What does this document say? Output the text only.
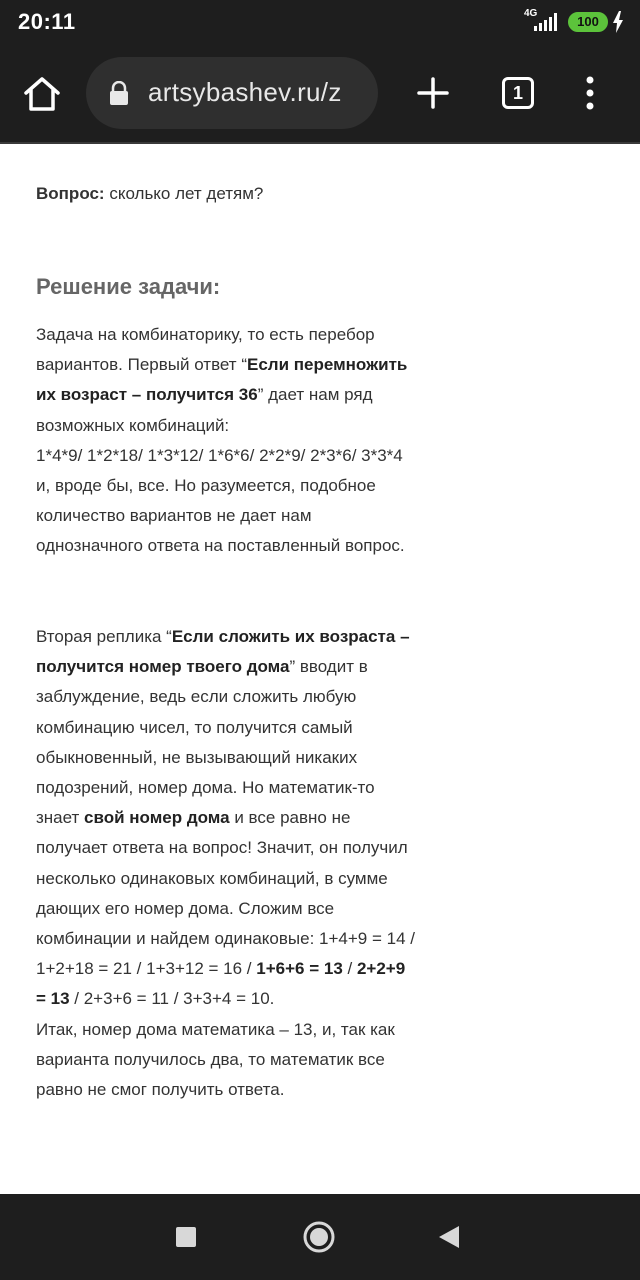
20:11	4G
100
artsybashev.ru/z	1

Вопрос: сколько лет детям?

Решение задачи:

Задача на комбинаторику, то есть перебор вариантов. Первый ответ “Если перемножить их возраст – получится 36” дает нам ряд возможных комбинаций:
1*4*9/ 1*2*18/ 1*3*12/ 1*6*6/ 2*2*9/ 2*3*6/ 3*3*4 и, вроде бы, все. Но разумеется, подобное количество вариантов не дает нам однозначного ответа на поставленный вопрос.

Вторая реплика “Если сложить их возраста – получится номер твоего дома” вводит в заблуждение, ведь если сложить любую комбинацию чисел, то получится самый обыкновенный, не вызывающий никаких подозрений, номер дома. Но математик-то знает свой номер дома и все равно не получает ответа на вопрос! Значит, он получил несколько одинаковых комбинаций, в сумме дающих его номер дома. Сложим все комбинации и найдем одинаковые: 1+4+9 = 14 / 1+2+18 = 21 / 1+3+12 = 16 / 1+6+6 = 13 / 2+2+9 = 13 / 2+3+6 = 11 / 3+3+4 = 10.
Итак, номер дома математика – 13, и, так как варианта получилось два, то математик все равно не смог получить ответа.
